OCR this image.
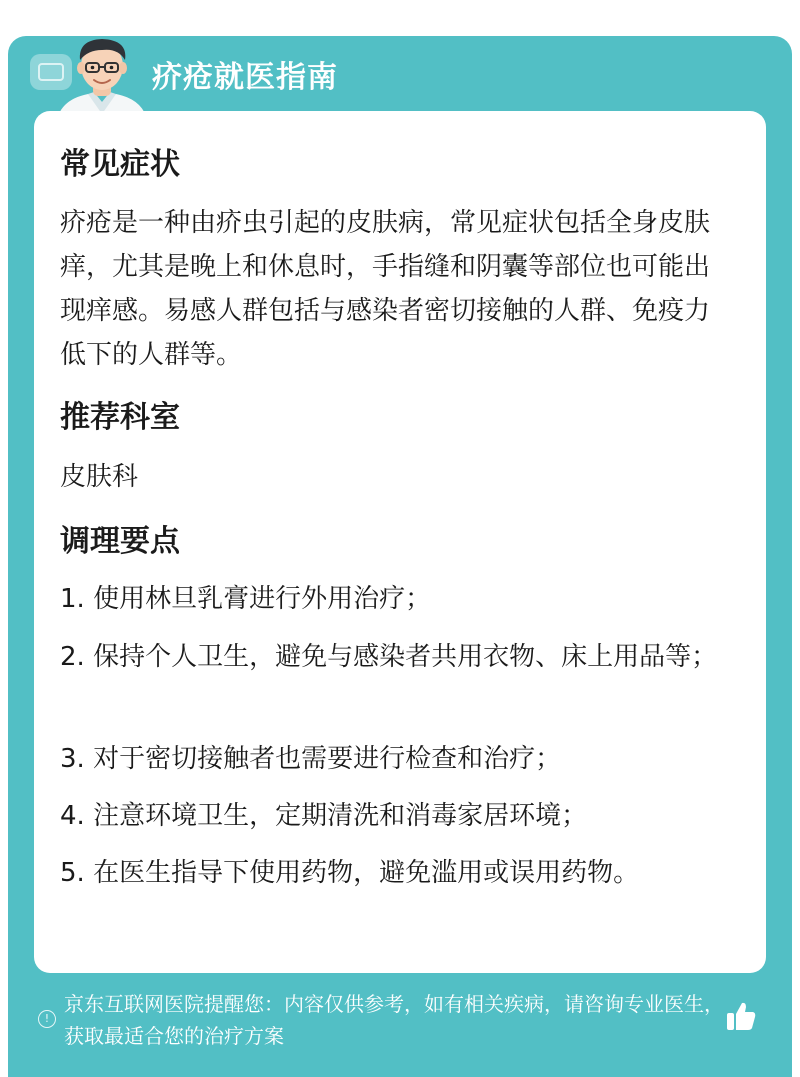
疥疮就医指南
常见症状
疥疮是一种由疥虫引起的皮肤病，常见症状包括全身皮肤痒，尤其是晚上和休息时，手指缝和阴囊等部位也可能出现痒感。易感人群包括与感染者密切接触的人群、免疫力低下的人群等。
推荐科室
皮肤科
调理要点
1. 使用林旦乳膏进行外用治疗；
2. 保持个人卫生，避免与感染者共用衣物、床上用品等；
3. 对于密切接触者也需要进行检查和治疗；
4. 注意环境卫生，定期清洗和消毒家居环境；
5. 在医生指导下使用药物，避免滥用或误用药物。
!
京东互联网医院提醒您：内容仅供参考，如有相关疾病，请咨询专业医生，获取最适合您的治疗方案
